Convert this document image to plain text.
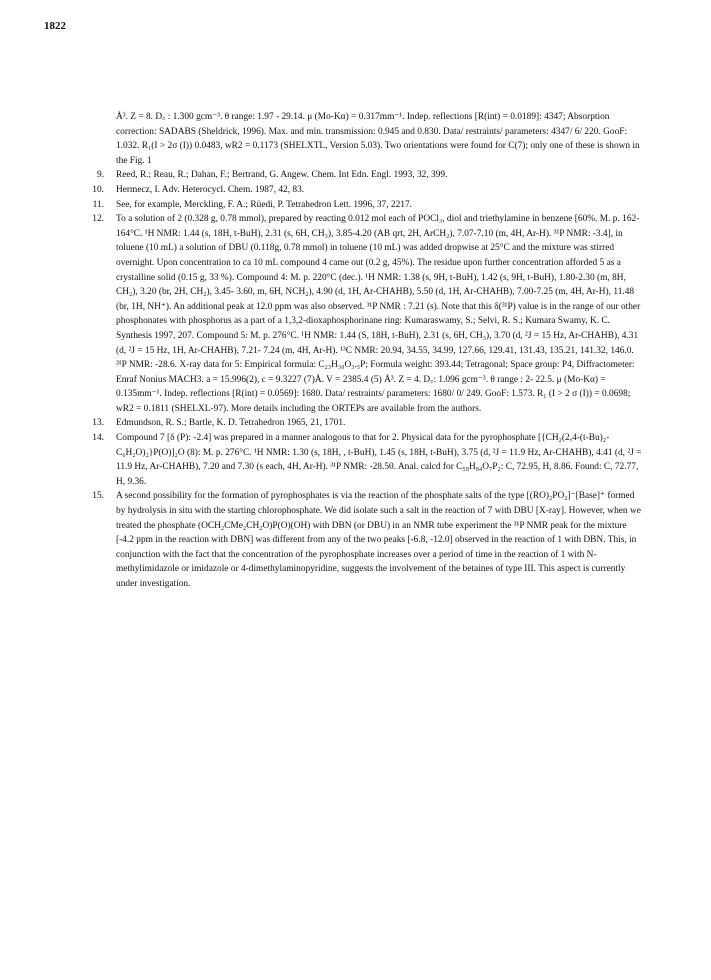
1822
Å³. Z = 8. D꜀ : 1.300 gcm⁻³. θ range: 1.97 - 29.14. μ (Mo-Kα) = 0.317mm⁻¹. Indep. reflections [R(int) = 0.0189]: 4347; Absorption correction: SADABS (Sheldrick, 1996). Max. and min. transmission: 0.945 and 0.830. Data/ restraints/ parameters: 4347/ 6/ 220. GooF: 1.032. R₁(I > 2σ (I)) 0.0483, wR2 = 0.1173 (SHELXTL, Version 5.03). Two orientations were found for C(7); only one of these is shown in the Fig. 1
9. Reed, R.; Reau, R.; Dahan, F.; Bertrand, G. Angew. Chem. Int Edn. Engl. 1993, 32, 399.
10. Hermecz, I. Adv. Heterocycl. Chem. 1987, 42, 83.
11. See, for example, Merckling, F. A.; Rüedi, P. Tetrahedron Lett. 1996, 37, 2217.
12. To a solution of 2 (0.328 g, 0.78 mmol), prepared by reacting 0.012 mol each of POCl₃, diol and triethylamine in benzene [60%. M. p. 162-164°C. ¹H NMR: 1.44 (s, 18H, t-BuH), 2.31 (s, 6H, CH₃), 3.85-4.20 (AB qrt, 2H, ArCH₂), 7.07-7.10 (m, 4H, Ar-H). ³¹P NMR: -3.4], in toluene (10 mL) a solution of DBU (0.118g, 0.78 mmol) in toluene (10 mL) was added dropwise at 25°C and the mixture was stirred overnight. Upon concentration to ca 10 mL compound 4 came out (0.2 g, 45%). The residue upon further concentration afforded 5 as a crystalline solid (0.15 g, 33 %). Compound 4: M. p. 220°C (dec.). ¹H NMR: 1.38 (s, 9H, t-BuH), 1.42 (s, 9H, t-BuH), 1.80-2.30 (m, 8H, CH₂), 3.20 (br, 2H, CH₂), 3.45- 3.60, m, 6H, NCH₂), 4.90 (d, 1H, Ar-CHAHB), 5.50 (d, 1H, Ar-CHAHB), 7.00-7.25 (m, 4H, Ar-H), 11.48 (br, 1H, NH⁺). An additional peak at 12.0 ppm was also observed. ³¹P NMR : 7.21 (s). Note that this δ(³¹P) value is in the range of our other phosphonates with phosphorus as a part of a 1,3,2-dioxaphosphorinane ring: Kumaraswamy, S.; Selvi, R. S.; Kumara Swamy, K. C. Synthesis 1997, 207. Compound 5: M. p. 276°C. ¹H NMR: 1.44 (S, 18H, t-BuH), 2.31 (s, 6H, CH₃), 3.70 (d, ²J = 15 Hz, Ar-CHAHB), 4.31 (d, ²J = 15 Hz, 1H, Ar-CHAHB), 7.21- 7.24 (m, 4H, Ar-H). ¹³C NMR: 20.94, 34.55, 34.99, 127.66, 129.41, 131.43, 135.21, 141.32, 146.0. ³¹P NMR: -28.6. X-ray data for 5: Empirical formula: C₂₃H₃₀O₃.₅P; Formula weight: 393.44; Tetragonal; Space group: P4, Diffractometer: Enraf Nonius MACH3. a = 15.996(2), c = 9.3227 (7)Å. V = 2385.4 (5) Å³. Z = 4. D꜀: 1.096 gcm⁻³. θ range : 2- 22.5. μ (Mo-Kα) = 0.135mm⁻¹. Indep. reflections [R(int) = 0.0569]: 1680. Data/ restraints/ parameters: 1680/ 0/ 249. GooF: 1.573. R₁ (I > 2 σ (I)) = 0.0698; wR2 = 0.1811 (SHELXL-97). More details including the ORTEPs are available from the authors.
13. Edmundson, R. S.; Bartle, K. D. Tetrahedron 1965, 21, 1701.
14. Compound 7 [δ (P): -2.4] was prepared in a manner analogous to that for 2. Physical data for the pyrophosphate [{CH₂(2,4-(t-Bu)₂-C₆H₂O)₂}P(O)]₂O (8): M. p. 276°C. ¹H NMR: 1.30 (s, 18H, , t-BuH), 1.45 (s, 18H, t-BuH), 3.75 (d, ²J = 11.9 Hz, Ar-CHAHB), 4.41 (d, ²J = 11.9 Hz, Ar-CHAHB), 7.20 and 7.30 (s each, 4H, Ar-H). ³¹P NMR: -28.50. Anal. calcd for C₅₈H₈₄O₇P₂: C, 72.95, H, 8.86. Found: C, 72.77, H, 9.36.
15. A second possibility for the formation of pyrophosphates is via the reaction of the phosphate salts of the type [(RO)₂PO₂]⁻[Base]⁺ formed by hydrolysis in situ with the starting chlorophosphate. We did isolate such a salt in the reaction of 7 with DBU [X-ray]. However, when we treated the phosphate (OCH₂CMe₂CH₂O)P(O)(OH) with DBN (or DBU) in an NMR tube experiment the ³¹P NMR peak for the mixture [-4.2 ppm in the reaction with DBN] was different from any of the two peaks [-6.8, -12.0] observed in the reaction of 1 with DBN. This, in conjunction with the fact that the concentration of the pyrophosphate increases over a period of time in the reaction of 1 with N-methylimidazole or imidazole or 4-dimethylaminopyridine, suggests the involvement of the betaines of type III. This aspect is currently under investigation.
